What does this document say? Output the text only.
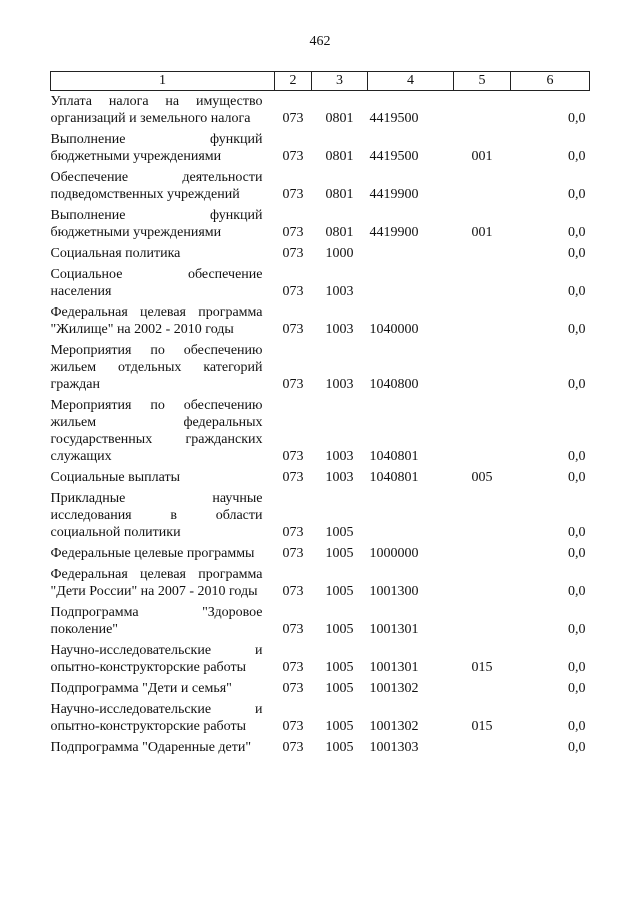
462
1	2	3	4	5	6
Уплата налога на имущество организаций и земельного налога	073	0801	4419500		0,0
Выполнение функций бюджетными учреждениями	073	0801	4419500	001	0,0
Обеспечение деятельности подведомственных учреждений	073	0801	4419900		0,0
Выполнение функций бюджетными учреждениями	073	0801	4419900	001	0,0
Социальная политика	073	1000			0,0
Социальное обеспечение населения	073	1003			0,0
Федеральная целевая программа "Жилище" на 2002 - 2010 годы	073	1003	1040000		0,0
Мероприятия по обеспечению жильем отдельных категорий граждан	073	1003	1040800		0,0
Мероприятия по обеспечению жильем федеральных государственных гражданских служащих	073	1003	1040801		0,0
Социальные выплаты	073	1003	1040801	005	0,0
Прикладные научные исследования в области социальной политики	073	1005			0,0
Федеральные целевые программы	073	1005	1000000		0,0
Федеральная целевая программа "Дети России" на 2007 - 2010 годы	073	1005	1001300		0,0
Подпрограмма "Здоровое поколение"	073	1005	1001301		0,0
Научно-исследовательские и опытно-конструкторские работы	073	1005	1001301	015	0,0
Подпрограмма "Дети и семья"	073	1005	1001302		0,0
Научно-исследовательские и опытно-конструкторские работы	073	1005	1001302	015	0,0
Подпрограмма "Одаренные дети"	073	1005	1001303		0,0
